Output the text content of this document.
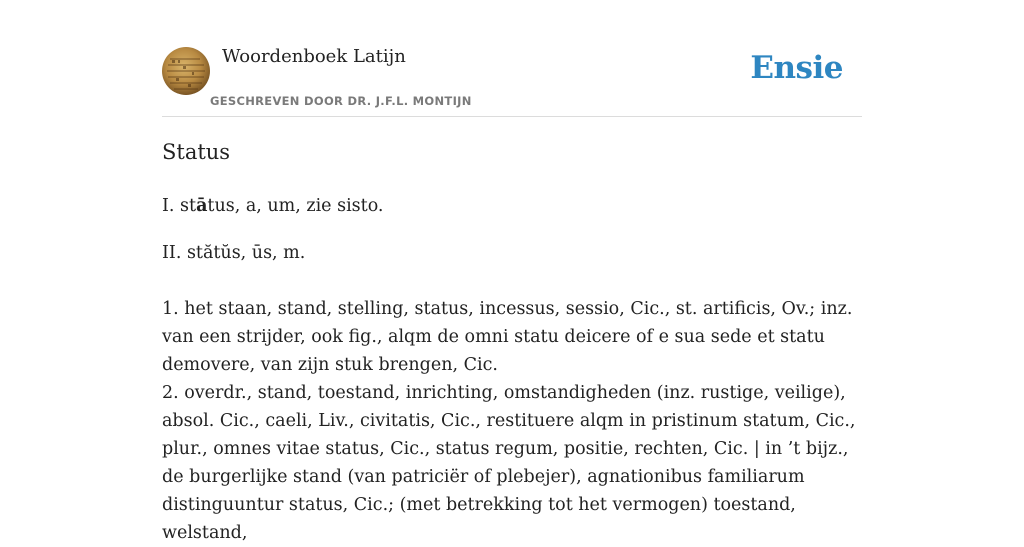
Woordenboek Latijn
GESCHREVEN DOOR DR. J.F.L. MONTIJN
Ensie
Status
I. stātus, a, um, zie sisto.
II. stătŭs, ūs, m.

1. het staan, stand, stelling, status, incessus, sessio, Cic., st. artificis, Ov.; inz. van een strijder, ook fig., alqm de omni statu deicere of e sua sede et statu demovere, van zijn stuk brengen, Cic.

2. overdr., stand, toestand, inrichting, omstandigheden (inz. rustige, veilige), absol. Cic., caeli, Liv., civitatis, Cic., restituere alqm in pristinum statum, Cic., plur., omnes vitae status, Cic., status regum, positie, rechten, Cic. | in ’t bijz., de burgerlijke stand (van patriciër of plebejer), agnationibus familiarum distinguuntur status, Cic.; (met betrekking tot het vermogen) toestand, welstand,
